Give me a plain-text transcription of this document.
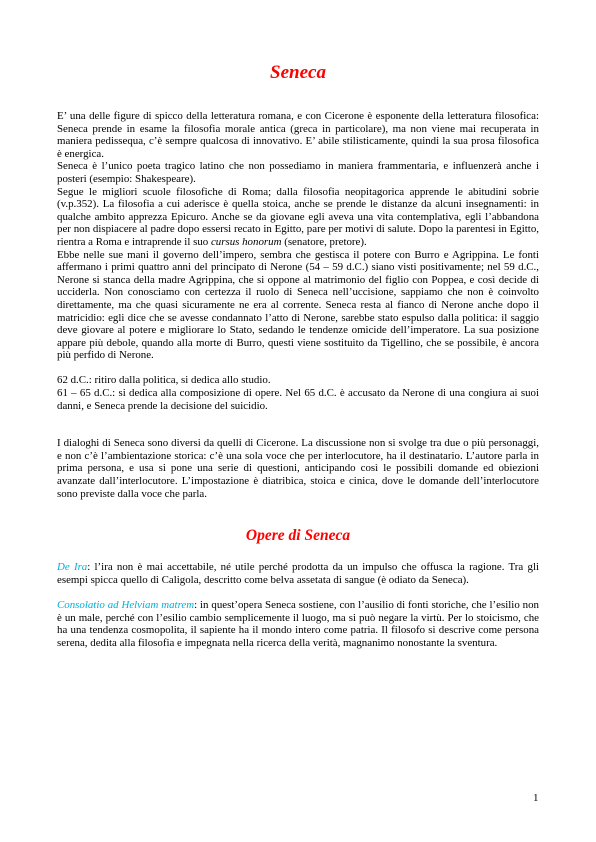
Seneca

E’ una delle figure di spicco della letteratura romana, e con Cicerone è esponente della letteratura filosofica: Seneca prende in esame la filosofia morale antica (greca in particolare), ma non viene mai recuperata in maniera pedissequa, c’è sempre qualcosa di innovativo. E’ abile stilisticamente, quindi la sua prosa filosofica è energica.

Seneca è l’unico poeta tragico latino che non possediamo in maniera frammentaria, e influenzerà anche i posteri (esempio: Shakespeare).

Segue le migliori scuole filosofiche di Roma; dalla filosofia neopitagorica apprende le abitudini sobrie (v.p.352). La filosofia a cui aderisce è quella stoica, anche se prende le distanze da alcuni insegnamenti: in qualche ambito apprezza Epicuro. Anche se da giovane egli aveva una vita contemplativa, egli l’abbandona per non dispiacere al padre dopo essersi recato in Egitto, pare per motivi di salute. Dopo la parentesi in Egitto, rientra a Roma e intraprende il suo cursus honorum (senatore, pretore).

Ebbe nelle sue mani il governo dell’impero, sembra che gestisca il potere con Burro e Agrippina. Le fonti affermano i primi quattro anni del principato di Nerone (54 – 59 d.C.) siano visti positivamente; nel 59 d.C., Nerone si stanca della madre Agrippina, che si oppone al matrimonio del figlio con Poppea, e così decide di ucciderla. Non conosciamo con certezza il ruolo di Seneca nell’uccisione, sappiamo che non è coinvolto direttamente, ma che quasi sicuramente ne era al corrente. Seneca resta al fianco di Nerone anche dopo il matricidio: egli dice che se avesse condannato l’atto di Nerone, sarebbe stato espulso dalla politica: il saggio deve giovare al potere e migliorare lo Stato, sedando le tendenze omicide dell’imperatore. La sua posizione appare più debole, quando alla morte di Burro, questi viene sostituito da Tigellino, che se possibile, è ancora più perfido di Nerone.

62 d.C.: ritiro dalla politica, si dedica allo studio.

61 – 65 d.C.: si dedica alla composizione di opere. Nel 65 d.C. è accusato da Nerone di una congiura ai suoi danni, e Seneca prende la decisione del suicidio.

I dialoghi di Seneca sono diversi da quelli di Cicerone. La discussione non si svolge tra due o più personaggi, e non c’è l’ambientazione storica: c’è una sola voce che per interlocutore, ha il destinatario. L’autore parla in prima persona, e usa si pone una serie di questioni, anticipando così le possibili domande ed obiezioni avanzate dall’interlocutore. L’impostazione è diatribica, stoica e cinica, dove le domande dell’interlocutore sono previste dalla voce che parla.

Opere di Seneca

De Ira: l’ira non è mai accettabile, né utile perché prodotta da un impulso che offusca la ragione. Tra gli esempi spicca quello di Caligola, descritto come belva assetata di sangue (è odiato da Seneca).

Consolatio ad Helviam matrem: in quest’opera Seneca sostiene, con l’ausilio di fonti storiche, che l’esilio non è un male, perché con l’esilio cambio semplicemente il luogo, ma si può negare la virtù. Per lo stoicismo, che ha una tendenza cosmopolita, il sapiente ha il mondo intero come patria. Il filosofo si descrive come persona serena, dedita alla filosofia e impegnata nella ricerca della verità, magnanimo nonostante la sventura.

1
